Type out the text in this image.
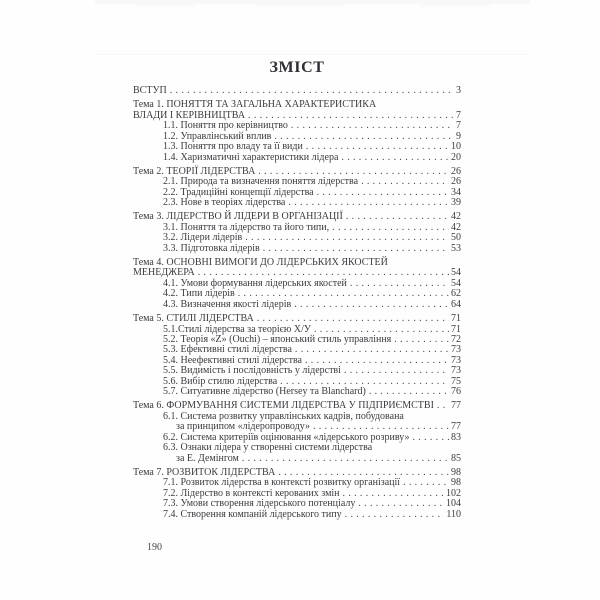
ЗМІСТ
ВСТУП . . .	3
Тема 1. ПОНЯТТЯ ТА ЗАГАЛЬНА ХАРАКТЕРИСТИКА
ВЛАДИ І КЕРІВНИЦТВА . . .	7
1.1. Поняття про керівництво . . .	7
1.2. Управлінський вплив . . .	9
1.3. Поняття про владу та її види . . .	10
1.4. Харизматичні характеристики лідера . . .	20
Тема 2. ТЕОРІЇ ЛІДЕРСТВА . . .	26
2.1. Природа та визначення поняття лідерства . . .	26
2.2. Традиційні концепції лідерства . . .	34
2.3. Нове в теоріях лідерства . . .	39
Тема 3. ЛІДЕРСТВО Й ЛІДЕРИ В ОРГАНІЗАЦІЇ . . .	42
3.1. Поняття та лідерство та його типи, . . .	42
3.2. Лідери лідерів . . .	50
3.3. Підготовка лідерів . . .	53
Тема 4. ОСНОВНІ ВИМОГИ ДО ЛІДЕРСЬКИХ ЯКОСТЕЙ
МЕНЕДЖЕРА . . .	54
4.1. Умови формування лідерських якостей . . .	54
4.2. Типи лідерів . . .	62
4.3. Визначення якості лідерів . . .	64
Тема 5. СТИЛІ ЛІДЕРСТВА . . .	71
5.1.Стилі лідерства за теорією Х/У . . .	71
5.2. Теорія «Z» (Ouchi) – японський стиль управління . . .	72
5.3. Ефективні стилі лідерства . . .	73
5.4. Неефективні стилі лідерства . . .	73
5.5. Видимість і послідовність у лідерстві . . .	73
5.6. Вибір стилю лідерства . . .	75
5.7. Ситуативне лідерство (Hersey та Blanchard) . . .	76
Тема 6. ФОРМУВАННЯ СИСТЕМИ ЛІДЕРСТВА У ПІДПРИЄМСТВІ . . . 77
6.1. Система розвитку управлінських кадрів, побудована
за принципом «лідеропроводу» . . .	77
6.2. Система критеріїв оцінювання «лідерського розриву» . . .	83
6.3. Ознаки лідера у створенні системи лідерства
за Е. Демінгом . . .	85
Тема 7. РОЗВИТОК ЛІДЕРСТВА . . .	98
7.1. Розвиток лідерства в контексті розвитку організації . . .	98
7.2. Лідерство в контексті керованих змін . . .	102
7.3. Умови створення лідерського потенціалу . . .	104
7.4. Створення компаній лідерського типу . . .	110
190
